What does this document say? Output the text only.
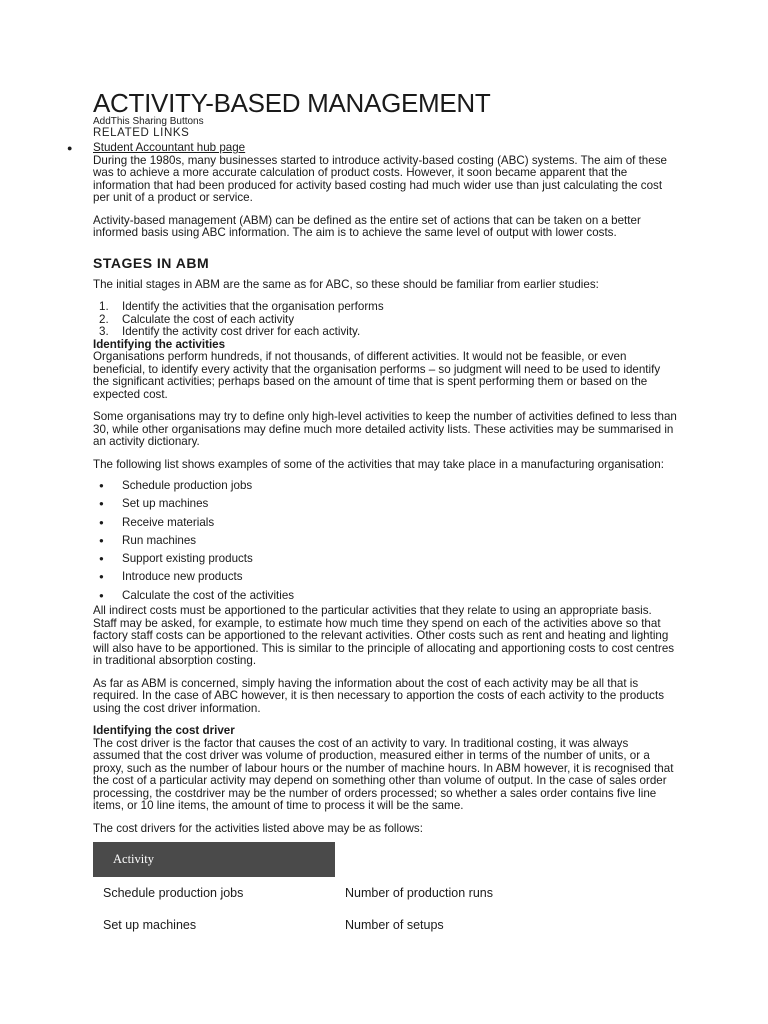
ACTIVITY-BASED MANAGEMENT
AddThis Sharing Buttons
RELATED LINKS
● Student Accountant hub page

During the 1980s, many businesses started to introduce activity-based costing (ABC) systems. The aim of these was to achieve a more accurate calculation of product costs. However, it soon became apparent that the information that had been produced for activity based costing had much wider use than just calculating the cost per unit of a product or service.

Activity-based management (ABM) can be defined as the entire set of actions that can be taken on a better informed basis using ABC information. The aim is to achieve the same level of output with lower costs.

STAGES IN ABM

The initial stages in ABM are the same as for ABC, so these should be familiar from earlier studies:

1. Identify the activities that the organisation performs
2. Calculate the cost of each activity
3. Identify the activity cost driver for each activity.
Identifying the activities

Organisations perform hundreds, if not thousands, of different activities. It would not be feasible, or even beneficial, to identify every activity that the organisation performs – so judgment will need to be used to identify the significant activities; perhaps based on the amount of time that is spent performing them or based on the expected cost.

Some organisations may try to define only high-level activities to keep the number of activities defined to less than 30, while other organisations may define much more detailed activity lists. These activities may be summarised in an activity dictionary.

The following list shows examples of some of the activities that may take place in a manufacturing organisation:

● Schedule production jobs
● Set up machines
● Receive materials
● Run machines
● Support existing products
● Introduce new products
● Calculate the cost of the activities

All indirect costs must be apportioned to the particular activities that they relate to using an appropriate basis. Staff may be asked, for example, to estimate how much time they spend on each of the activities above so that factory staff costs can be apportioned to the relevant activities. Other costs such as rent and heating and lighting will also have to be apportioned. This is similar to the principle of allocating and apportioning costs to cost centres in traditional absorption costing.

As far as ABM is concerned, simply having the information about the cost of each activity may be all that is required. In the case of ABC however, it is then necessary to apportion the costs of each activity to the products using the cost driver information.

Identifying the cost driver

The cost driver is the factor that causes the cost of an activity to vary. In traditional costing, it was always assumed that the cost driver was volume of production, measured either in terms of the number of units, or a proxy, such as the number of labour hours or the number of machine hours. In ABM however, it is recognised that the cost of a particular activity may depend on something other than volume of output. In the case of sales order processing, the costdriver may be the number of orders processed; so whether a sales order contains five line items, or 10 line items, the amount of time to process it will be the same.

The cost drivers for the activities listed above may be as follows:

Activity
Schedule production jobs	Number of production runs
Set up machines	Number of setups
